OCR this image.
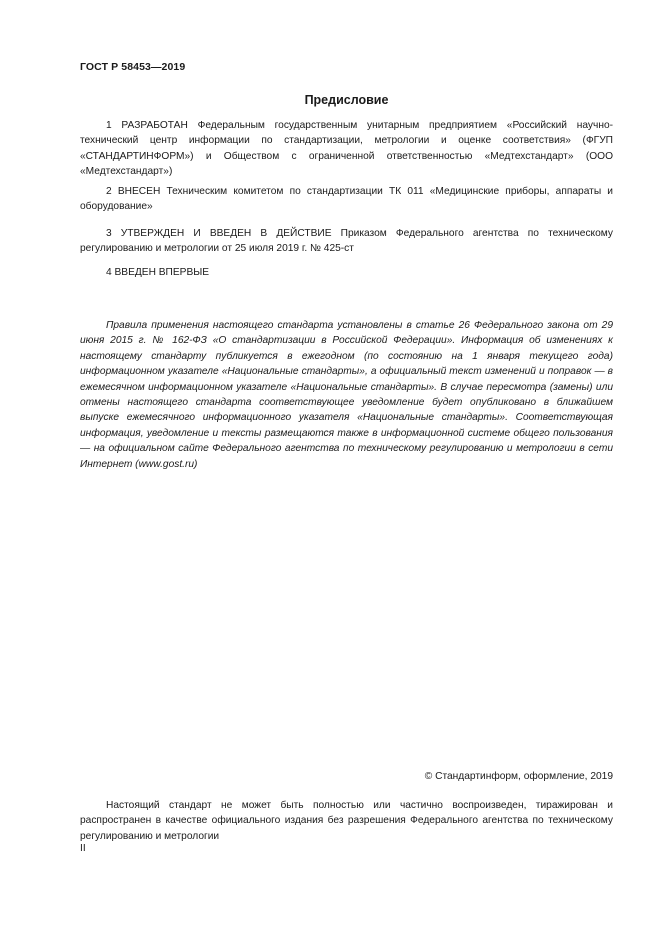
ГОСТ Р 58453—2019
Предисловие

1 РАЗРАБОТАН Федеральным государственным унитарным предприятием «Российский научно-технический центр информации по стандартизации, метрологии и оценке соответствия» (ФГУП «СТАНДАРТИНФОРМ») и Обществом с ограниченной ответственностью «Медтехстандарт» (ООО «Медтехстандарт»)

2 ВНЕСЕН Техническим комитетом по стандартизации ТК 011 «Медицинские приборы, аппараты и оборудование»

3 УТВЕРЖДЕН И ВВЕДЕН В ДЕЙСТВИЕ Приказом Федерального агентства по техническому регулированию и метрологии от 25 июля 2019 г. № 425-ст

4 ВВЕДЕН ВПЕРВЫЕ

Правила применения настоящего стандарта установлены в статье 26 Федерального закона от 29 июня 2015 г. № 162-ФЗ «О стандартизации в Российской Федерации». Информация об изменениях к настоящему стандарту публикуется в ежегодном (по состоянию на 1 января текущего года) информационном указателе «Национальные стандарты», а официальный текст изменений и поправок — в ежемесячном информационном указателе «Национальные стандарты». В случае пересмотра (замены) или отмены настоящего стандарта соответствующее уведомление будет опубликовано в ближайшем выпуске ежемесячного информационного указателя «Национальные стандарты». Соответствующая информация, уведомление и тексты размещаются также в информационной системе общего пользования — на официальном сайте Федерального агентства по техническому регулированию и метрологии в сети Интернет (www.gost.ru)

© Стандартинформ, оформление, 2019

Настоящий стандарт не может быть полностью или частично воспроизведен, тиражирован и распространен в качестве официального издания без разрешения Федерального агентства по техническому регулированию и метрологии

II
